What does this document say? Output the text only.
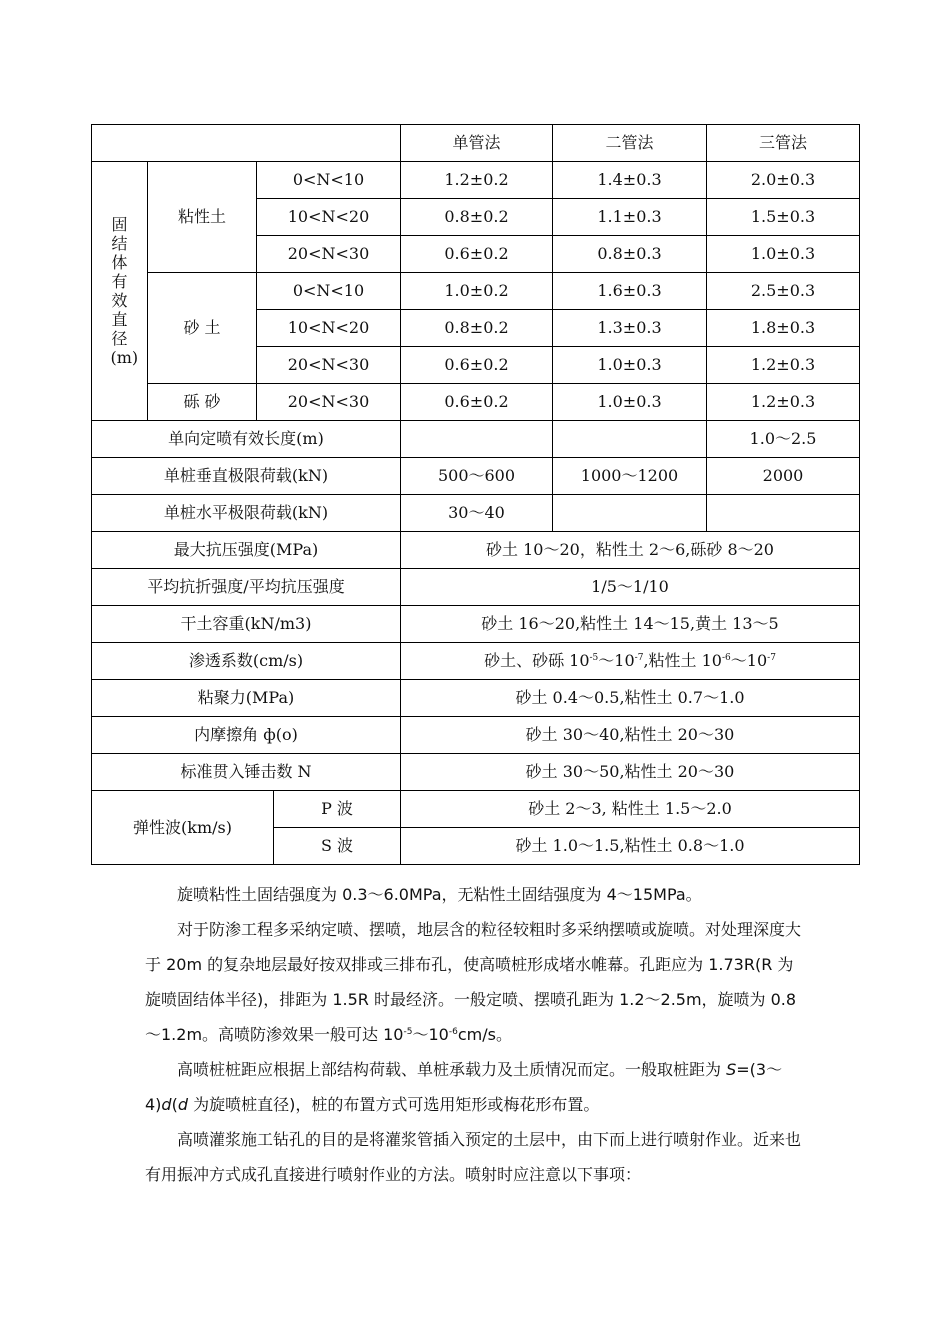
				单管法	二管法	三管法
固结体有效直径(m)	粘性土	0<N<10		1.2±0.2	1.4±0.3	2.0±0.3
		10<N<20		0.8±0.2	1.1±0.3	1.5±0.3
		20<N<30		0.6±0.2	0.8±0.3	1.0±0.3
	砂 土	0<N<10		1.0±0.2	1.6±0.3	2.5±0.3
		10<N<20		0.8±0.2	1.3±0.3	1.8±0.3
		20<N<30		0.6±0.2	1.0±0.3	1.2±0.3
	砾 砂	20<N<30		0.6±0.2	1.0±0.3	1.2±0.3
单向定喷有效长度(m)						1.0～2.5
单桩垂直极限荷载(kN)				500～600	1000～1200	2000
单桩水平极限荷载(kN)				30～40		
最大抗压强度(MPa)				砂土 10～20，粘性土 2～6,砾砂 8～20		
平均抗折强度/平均抗压强度				1/5～1/10		
干土容重(kN/m3)				砂土 16～20,粘性土 14～15,黄土 13～5		
渗透系数(cm/s)				砂土、砂砾 $10^{-5}\sim 10^{-7}$,粘性土 $10^{-6}\sim 10^{-7}$
粘聚力(MPa)				砂土 0.4～0.5,粘性土 0.7～1.0		
内摩擦角 ф(o)				砂土 30～40,粘性土 20～30		
标准贯入锤击数 N				砂土 30～50,粘性土 20～30		
弹性波(km/s)			P 波	砂土 2～3, 粘性土 1.5～2.0		
			S 波	砂土 1.0～1.5,粘性土 0.8～1.0		

旋喷粘性土固结强度为 0.3～6.0MPa，无粘性土固结强度为 4～15MPa。

对于防渗工程多采纳定喷、摆喷，地层含的粒径较粗时多采纳摆喷或旋喷。对处理深度大于 20m 的复杂地层最好按双排或三排布孔，使高喷桩形成堵水帷幕。孔距应为 1.73R(R 为旋喷固结体半径)，排距为 1.5R 时最经济。一般定喷、摆喷孔距为 1.2～2.5m，旋喷为 0.8～1.2m。高喷防渗效果一般可达 $10^{-5}\sim 10^{-6}cm/s$。

高喷桩桩距应根据上部结构荷载、单桩承载力及土质情况而定。一般取桩距为 S=(3～4)d(d 为旋喷桩直径)，桩的布置方式可选用矩形或梅花形布置。

高喷灌浆施工钻孔的目的是将灌浆管插入预定的土层中，由下而上进行喷射作业。近来也有用振冲方式成孔直接进行喷射作业的方法。喷射时应注意以下事项：
